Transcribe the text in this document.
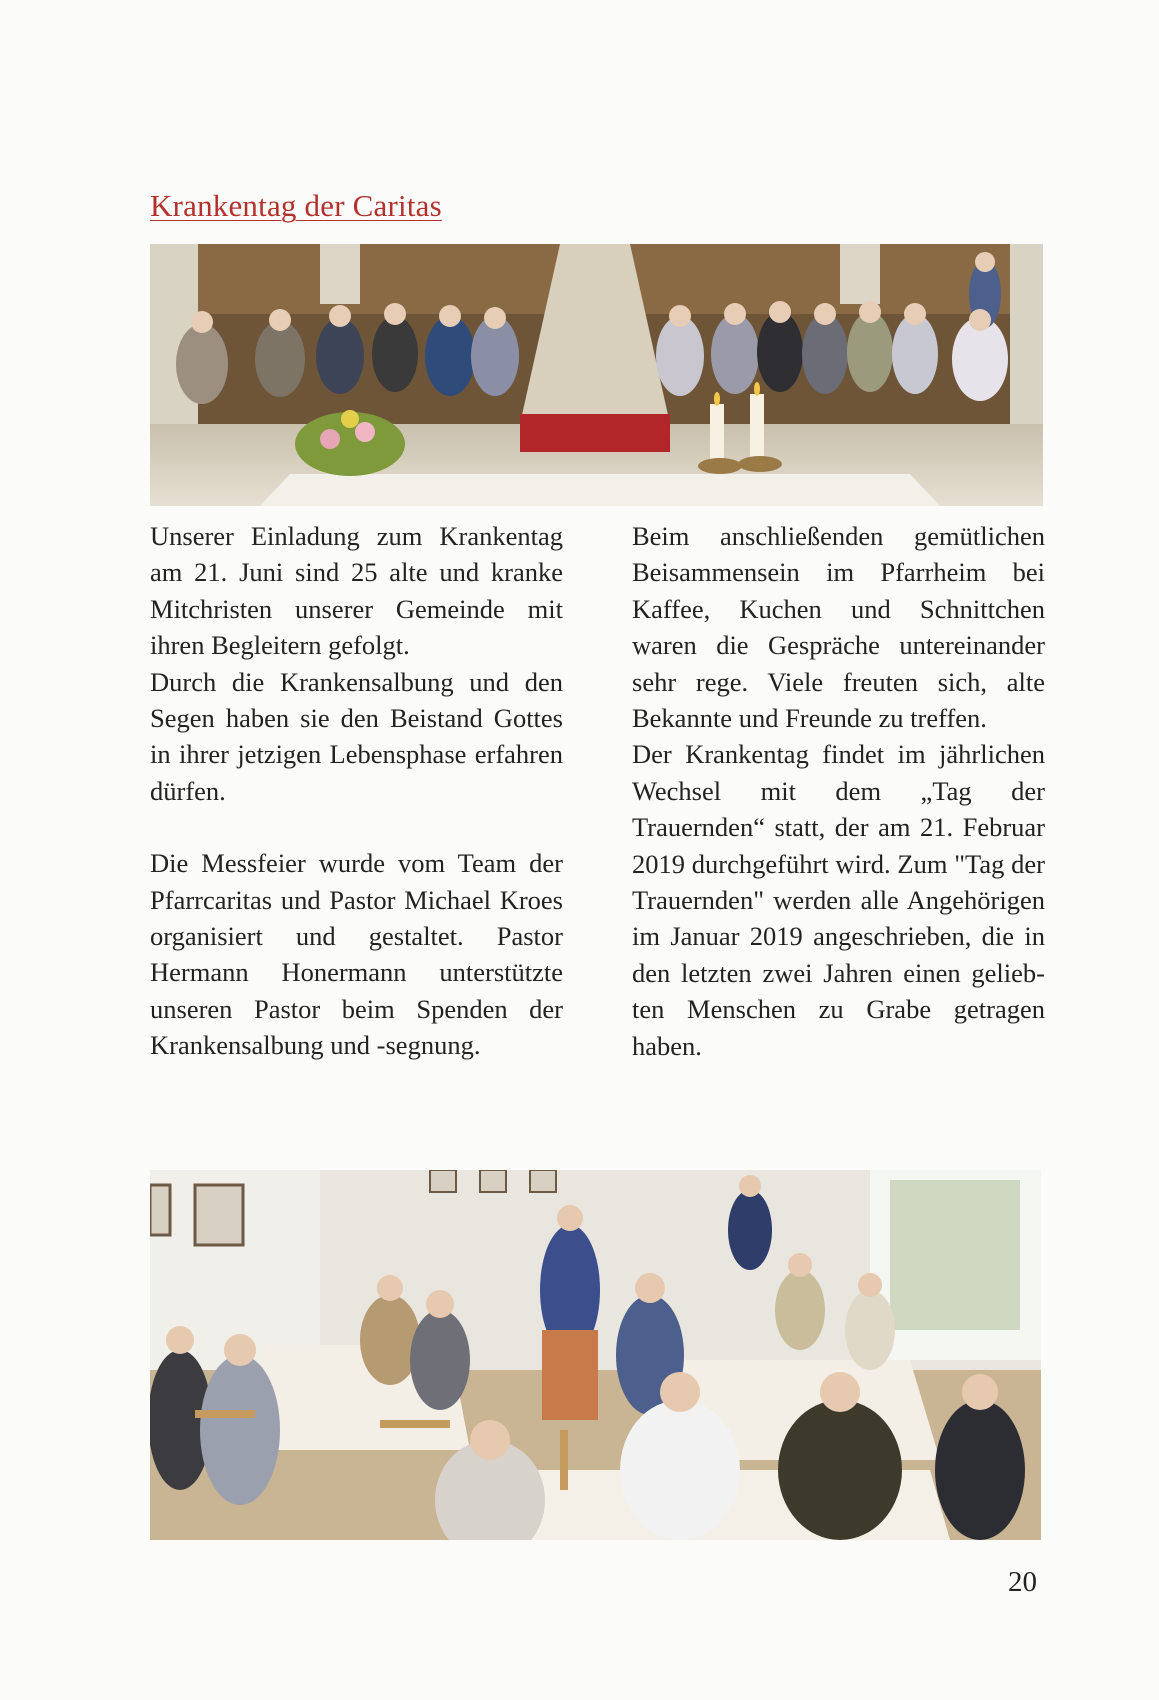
Krankentag der Caritas

Unserer Einladung zum Krankentag am 21. Juni sind 25 alte und kranke Mitchristen unserer Gemeinde mit ihren Begleitern gefolgt.

Durch die Krankensalbung und den Segen haben sie den Beistand Gottes in ihrer jetzigen Lebensphase erfahren dürfen.

Die Messfeier wurde vom Team der Pfarrcaritas und Pastor Michael Kroes organisiert und gestaltet. Pastor Hermann Honermann unterstützte unseren Pastor beim Spenden der Krankensalbung und -segnung.

Beim anschließenden gemütlichen Beisammensein im Pfarrheim bei Kaffee, Kuchen und Schnittchen waren die Gespräche untereinander sehr rege. Viele freuten sich, alte Bekannte und Freunde zu treffen.

Der Krankentag findet im jährlichen Wechsel mit dem „Tag der Trauernden“ statt, der am 21. Februar 2019 durchgeführt wird. Zum "Tag der Trauernden" werden alle Angehörigen im Januar 2019 angeschrieben, die in den letzten zwei Jahren einen geliebten Menschen zu Grabe getragen haben.

20
